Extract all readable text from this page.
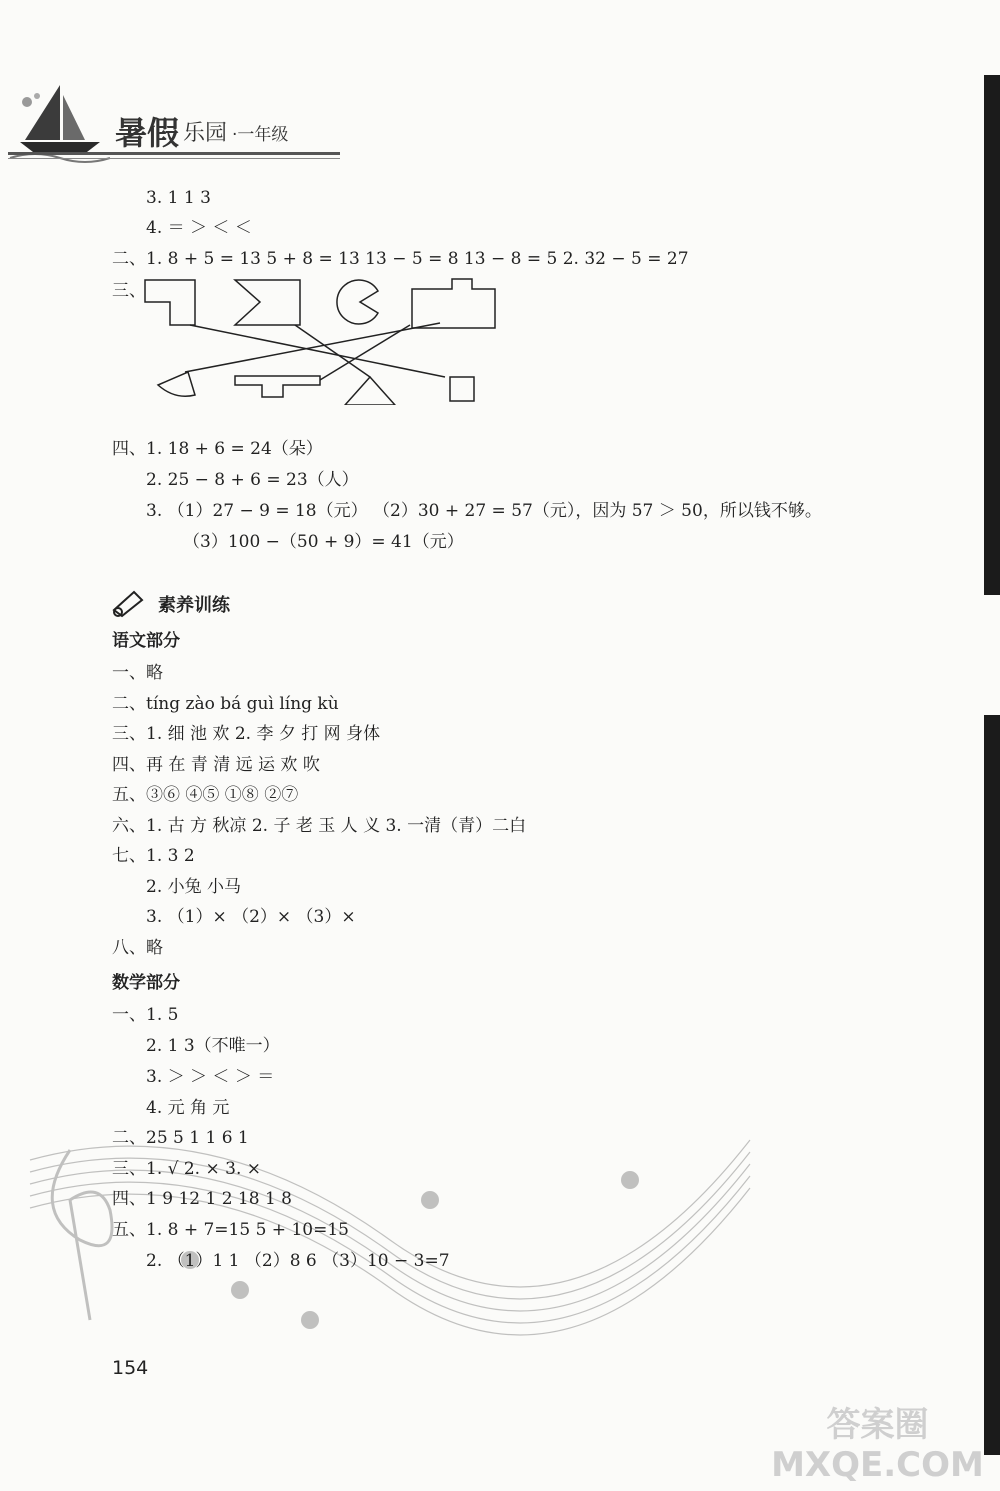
暑假 乐园 ·一年级
3. 1 1 3
4. ＝ ＞ ＜ ＜
二、1. 8 + 5 = 13 5 + 8 = 13 13 − 5 = 8 13 − 8 = 5 2. 32 − 5 = 27
三、
四、1. 18 + 6 = 24（朵）
2. 25 − 8 + 6 = 23（人）
3. （1）27 − 9 = 18（元） （2）30 + 27 = 57（元），因为 57 ＞ 50，所以钱不够。
（3）100 −（50 + 9）= 41（元）
素养训练
语文部分
一、略
二、tíng zào bá guì líng kù
三、1. 细 池 欢 2. 李 夕 打 网 身体
四、再 在 青 清 远 运 欢 吹
五、③⑥ ④⑤ ①⑧ ②⑦
六、1. 古 方 秋凉 2. 子 老 玉 人 义 3. 一清（青）二白
七、1. 3 2
2. 小兔 小马
3. （1）× （2）× （3）×
八、略
数学部分
一、1. 5
2. 1 3（不唯一）
3. ＞ ＞ ＜ ＞ ＝
4. 元 角 元
二、25 5 1 1 6 1
三、1. √ 2. × 3. ×
四、1 9 12 1 2 18 1 8
五、1. 8 + 7=15 5 + 10=15
2. （1）1 1 （2）8 6 （3）10 − 3=7
154
答案圈 MXQE.COM
